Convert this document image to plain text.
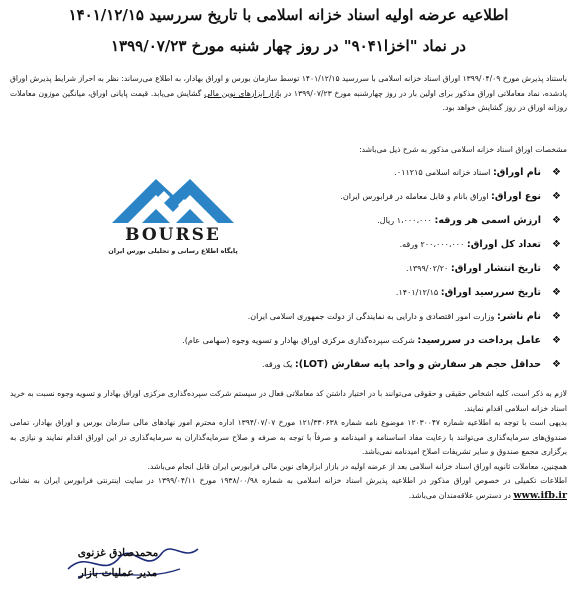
اطلاعیه عرضه اولیه اسناد خزانه اسلامی با تاریخ سررسید ۱۴۰۱/۱۲/۱۵
در نماد "اخزا۹۰۴۱" در روز چهار شنبه مورخ ۱۳۹۹/۰۷/۲۳
باستناد پذیرش مورخ ۱۳۹۹/۰۴/۰۹ اوراق اسناد خزانه اسلامی با سررسید ۱۴۰۱/۱۲/۱۵ توسط سازمان بورس و اوراق بهادار، به اطلاع می‌رساند: نظر به احراز شرایط پذیرش اوراق یادشده، نماد معاملاتی اوراق مذکور برای اولین بار در روز چهارشنبه مورخ ۱۳۹۹/۰۷/۲۳ در بازار ابزارهای نوین مالی گشایش می‌یابد. قیمت پایانی اوراق، میانگین موزون معاملات روزانه اوراق در روز گشایش خواهد بود.
مشخصات اوراق اسناد خزانه اسلامی مذکور به شرح ذیل می‌باشد:
BOURSE
پایگاه اطلاع رسانی و تحلیلی بورس ایران
❖
نام اوراق: اسناد خزانه اسلامی ۰۱۱۲۱۵.
❖
نوع اوراق: اوراق بانام و قابل معامله در فرابورس ایران.
❖
ارزش اسمی هر ورقه: ۱،۰۰۰،۰۰۰ ریال.
❖
تعداد کل اوراق: ۲۰۰،۰۰۰،۰۰۰ ورقه.
❖
تاریخ انتشار اوراق: ۱۳۹۹/۰۲/۲۰.
❖
تاریخ سررسید اوراق: ۱۴۰۱/۱۲/۱۵.
❖
نام ناشر: وزارت امور اقتصادی و دارایی به نمایندگی از دولت جمهوری اسلامی ایران.
❖
عامل پرداخت در سررسید: شرکت سپرده‌گذاری مرکزی اوراق بهادار و تسویه وجوه (سهامی عام).
❖
حداقل حجم هر سفارش و واحد پایه سفارش (LOT): یک ورقه.

لازم به ذکر است، کلیه اشخاص حقیقی و حقوقی می‌توانند با در اختیار داشتن کد معاملاتی فعال در سیستم شرکت سپرده‌گذاری مرکزی اوراق بهادار و تسویه وجوه نسبت به خرید اسناد خزانه اسلامی اقدام نمایند.

بدیهی است با توجه به اطلاعیه شماره ۱۲۰۳۰۰۴۷ موضوع نامه شماره ۱۲۱/۳۳۰۶۳۸ مورخ ۱۳۹۴/۰۷/۰۷ اداره محترم امور نهادهای مالی سازمان بورس و اوراق بهادار، تمامی صندوق‌های سرمایه‌گذاری می‌توانند با رعایت مفاد اساسنامه و امیدنامه و صرفاً با توجه به صرفه و صلاح سرمایه‌گذاران به سرمایه‌گذاری در این اوراق اقدام نمایند و نیازی به برگزاری مجمع صندوق و سایر تشریفات اصلاح امیدنامه نمی‌باشد.

همچنین، معاملات ثانویه اوراق اسناد خزانه اسلامی بعد از عرضه اولیه در بازار ابزارهای نوین مالی فرابورس ایران قابل انجام می‌باشد.

اطلاعات تکمیلی در خصوص اوراق مذکور در اطلاعیه پذیرش اسناد خزانه اسلامی به شماره ۱۹۳۸/۰۰/۹۸ مورخ ۱۳۹۹/۰۴/۱۱ در سایت اینترنتی فرابورس ایران به نشانی www.ifb.ir در دسترس علاقه‌مندان می‌باشد.

محمدصادق غزنوی
مدیر عملیات بازار
